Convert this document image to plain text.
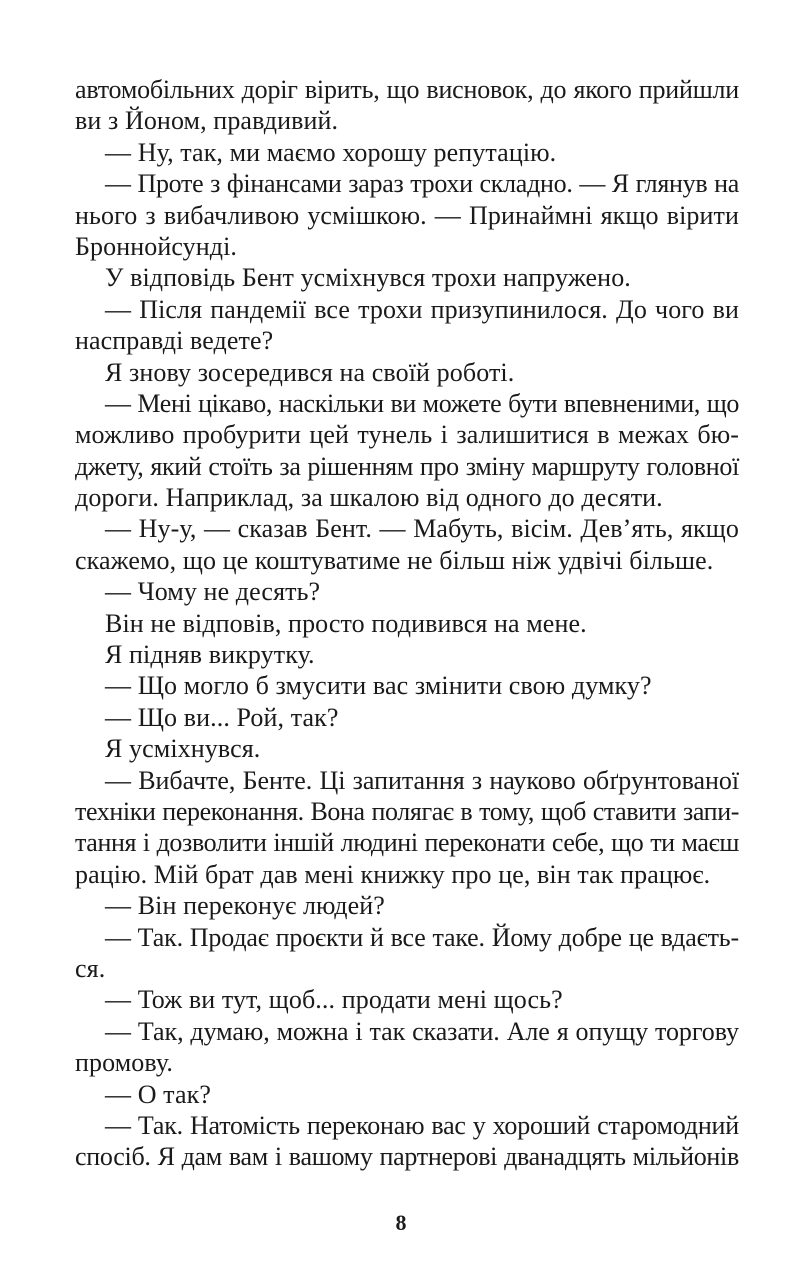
автомобільних доріг вірить, що висновок, до якого прийшли
ви з Йоном, правдивий.
— Ну, так, ми маємо хорошу репутацію.
— Проте з фінансами зараз трохи складно. — Я глянув на
нього з вибачливою усмішкою. — Принаймні якщо вірити
Броннойсунді.
У відповідь Бент усміхнувся трохи напружено.
— Після пандемії все трохи призупинилося. До чого ви
насправді ведете?
Я знову зосередився на своїй роботі.
— Мені цікаво, наскільки ви можете бути впевненими, що
можливо пробурити цей тунель і залишитися в межах бю-
джету, який стоїть за рішенням про зміну маршруту головної
дороги. Наприклад, за шкалою від одного до десяти.
— Ну-у, — сказав Бент. — Мабуть, вісім. Дев’ять, якщо
скажемо, що це коштуватиме не більш ніж удвічі більше.
— Чому не десять?
Він не відповів, просто подивився на мене.
Я підняв викрутку.
— Що могло б змусити вас змінити свою думку?
— Що ви... Рой, так?
Я усміхнувся.
— Вибачте, Бенте. Ці запитання з науково обґрунтованої
техніки переконання. Вона полягає в тому, щоб ставити запи-
тання і дозволити іншій людині переконати себе, що ти маєш
рацію. Мій брат дав мені книжку про це, він так працює.
— Він переконує людей?
— Так. Продає проєкти й все таке. Йому добре це вдаєть-
ся.
— Тож ви тут, щоб... продати мені щось?
— Так, думаю, можна і так сказати. Але я опущу торгову
промову.
— О так?
— Так. Натомість переконаю вас у хороший старомодний
спосіб. Я дам вам і вашому партнерові дванадцять мільйонів
8
